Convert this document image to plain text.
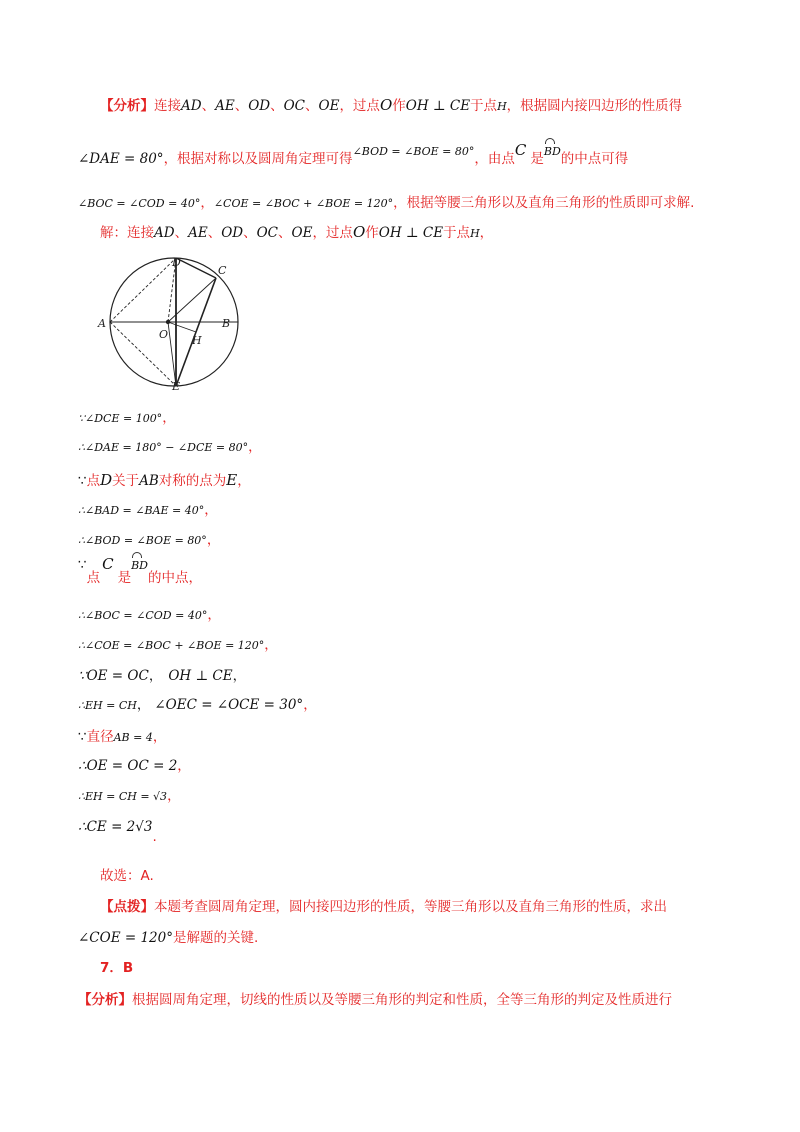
【分析】连接AD、AE、OD、OC、OE，过点O作OH ⊥ CE于点H，根据圆内接四边形的性质得
∠DAE = 80°，根据对称以及圆周角定理可得$^{\angle BOD = \angle BOE = 80^\circ}$，由点C 是BD的中点可得
∠BOC = ∠COD = 40°，∠COE = ∠BOC + ∠BOE = 120°，根据等腰三角形以及直角三角形的性质即可求解.
解：连接AD、AE、OD、OC、OE，过点O作OH ⊥ CE于点H，
D
C
A
O H
B
E
∵∠DCE = 100°，
∴∠DAE = 180° − ∠DCE = 80°，
∵点D关于AB对称的点为E，
∴∠BAD = ∠BAE = 40°，
∴∠BOD = ∠BOE = 80°，
∵点C是BD的中点，
∴∠BOC = ∠COD = 40°，
∴∠COE = ∠BOC + ∠BOE = 120°，
∵OE = OC， OH ⊥ CE，
∴EH = CH， ∠OEC = ∠OCE = 30°，
∵直径AB = 4，
∴OE = OC = 2，
∴EH = CH = √3，
∴CE = 2√3.
故选：A.
【点拨】本题考查圆周角定理，圆内接四边形的性质，等腰三角形以及直角三角形的性质，求出
∠COE = 120°是解题的关键.
7．B
【分析】根据圆周角定理，切线的性质以及等腰三角形的判定和性质，全等三角形的判定及性质进行
